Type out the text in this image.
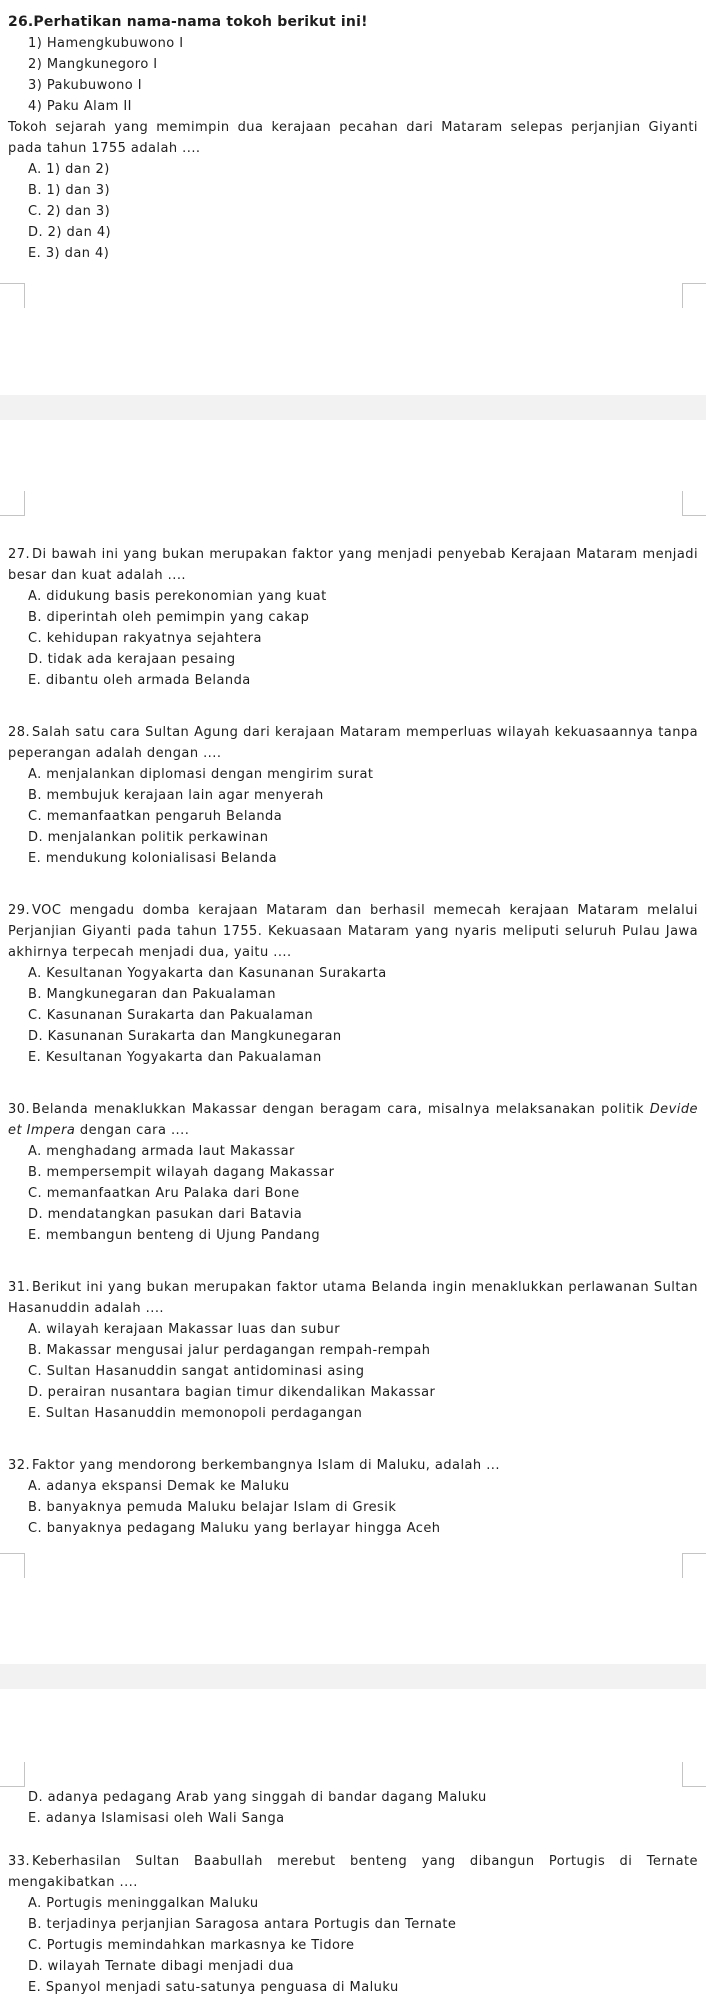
26.Perhatikan nama-nama tokoh berikut ini!
1) Hamengkubuwono I
2) Mangkunegoro I
3) Pakubuwono I
4) Paku Alam II
Tokoh sejarah yang memimpin dua kerajaan pecahan dari Mataram selepas perjanjian Giyanti pada tahun 1755 adalah ....
A. 1) dan 2)
B. 1) dan 3)
C. 2) dan 3)
D. 2) dan 4)
E. 3) dan 4)
27. Di bawah ini yang bukan merupakan faktor yang menjadi penyebab Kerajaan Mataram menjadi besar dan kuat adalah ....
A. didukung basis perekonomian yang kuat
B. diperintah oleh pemimpin yang cakap
C. kehidupan rakyatnya sejahtera
D. tidak ada kerajaan pesaing
E. dibantu oleh armada Belanda
28. Salah satu cara Sultan Agung dari kerajaan Mataram memperluas wilayah kekuasaannya tanpa peperangan adalah dengan ....
A. menjalankan diplomasi dengan mengirim surat
B. membujuk kerajaan lain agar menyerah
C. memanfaatkan pengaruh Belanda
D. menjalankan politik perkawinan
E. mendukung kolonialisasi Belanda
29. VOC mengadu domba kerajaan Mataram dan berhasil memecah kerajaan Mataram melalui Perjanjian Giyanti pada tahun 1755. Kekuasaan Mataram yang nyaris meliputi seluruh Pulau Jawa akhirnya terpecah menjadi dua, yaitu ....
A. Kesultanan Yogyakarta dan Kasunanan Surakarta
B. Mangkunegaran dan Pakualaman
C. Kasunanan Surakarta dan Pakualaman
D. Kasunanan Surakarta dan Mangkunegaran
E. Kesultanan Yogyakarta dan Pakualaman
30. Belanda menaklukkan Makassar dengan beragam cara, misalnya melaksanakan politik Devide et Impera dengan cara ....
A. menghadang armada laut Makassar
B. mempersempit wilayah dagang Makassar
C. memanfaatkan Aru Palaka dari Bone
D. mendatangkan pasukan dari Batavia
E. membangun benteng di Ujung Pandang
31. Berikut ini yang bukan merupakan faktor utama Belanda ingin menaklukkan perlawanan Sultan Hasanuddin adalah ....
A. wilayah kerajaan Makassar luas dan subur
B. Makassar mengusai jalur perdagangan rempah-rempah
C. Sultan Hasanuddin sangat antidominasi asing
D. perairan nusantara bagian timur dikendalikan Makassar
E. Sultan Hasanuddin memonopoli perdagangan
32. Faktor yang mendorong berkembangnya Islam di Maluku, adalah ...
A. adanya ekspansi Demak ke Maluku
B. banyaknya pemuda Maluku belajar Islam di Gresik
C. banyaknya pedagang Maluku yang berlayar hingga Aceh
D. adanya pedagang Arab yang singgah di bandar dagang Maluku
E. adanya Islamisasi oleh Wali Sanga
33. Keberhasilan Sultan Baabullah merebut benteng yang dibangun Portugis di Ternate mengakibatkan ....
A. Portugis meninggalkan Maluku
B. terjadinya perjanjian Saragosa antara Portugis dan Ternate
C. Portugis memindahkan markasnya ke Tidore
D. wilayah Ternate dibagi menjadi dua
E. Spanyol menjadi satu-satunya penguasa di Maluku
